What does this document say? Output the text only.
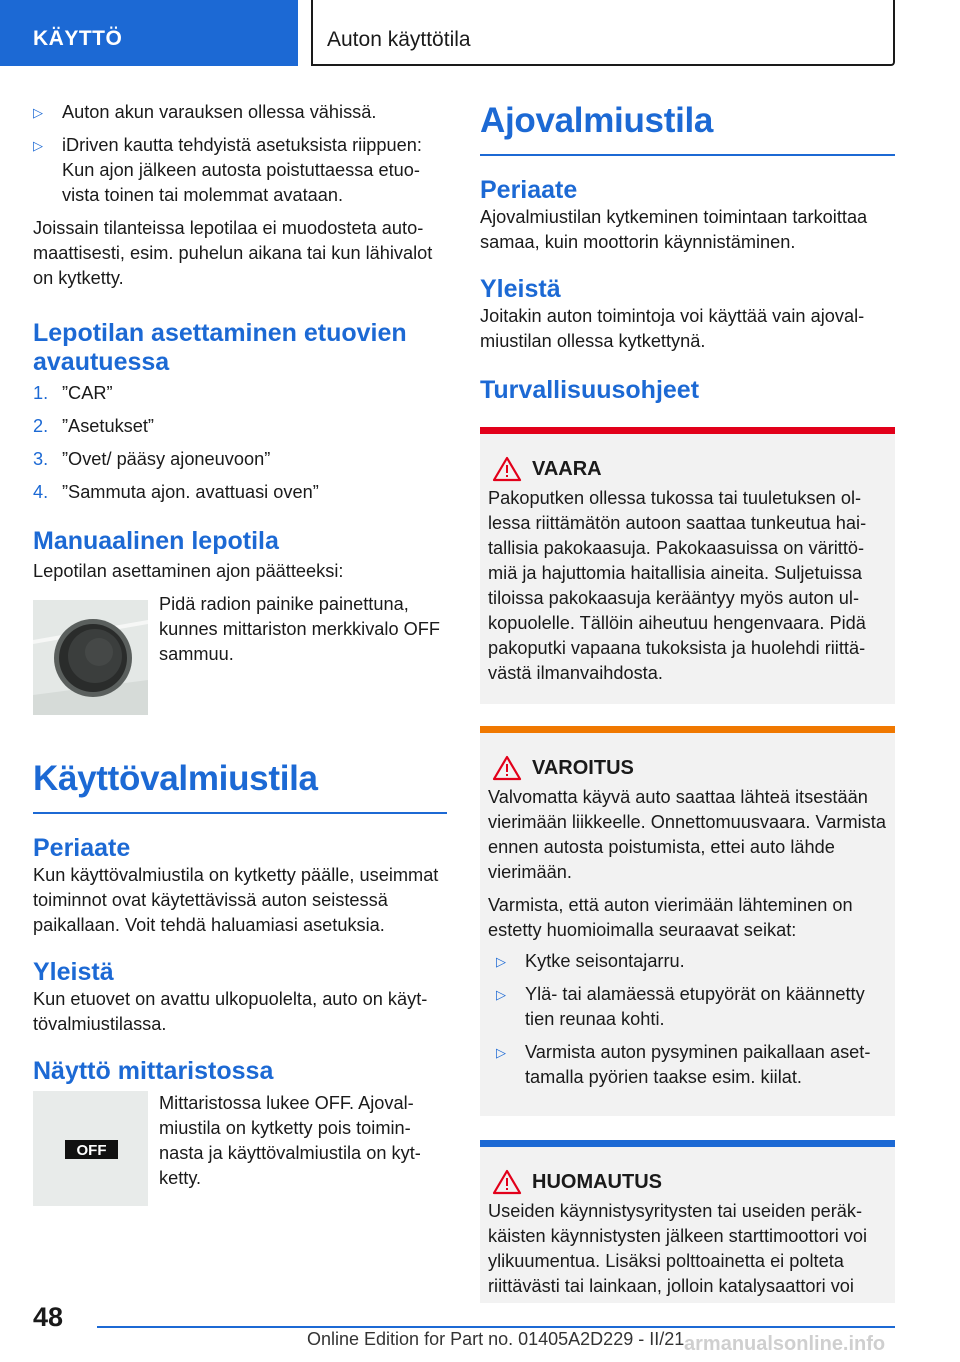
KÄYTTÖ	Auton käyttötila
▷ Auton akun varauksen ollessa vähissä.
▷ iDriven kautta tehdyistä asetuksista riippuen: Kun ajon jälkeen autosta poistuttaessa etuovista toinen tai molemmat avataan.

Joissain tilanteissa lepotilaa ei muodosteta automaattisesti, esim. puhelun aikana tai kun lähivalot on kytketty.

Lepotilan asettaminen etuovien avautuessa
1. ”CAR”
2. ”Asetukset”
3. ”Ovet/ pääsy ajoneuvoon”
4. ”Sammuta ajon. avattuasi oven”
Manuaalinen lepotila

Lepotilan asettaminen ajon päätteeksi:

Pidä radion painike painettuna, kunnes mittariston merkkivalo OFF sammuu.

Käyttövalmiustila
Periaate

Kun käyttövalmiustila on kytketty päälle, useimmat toiminnot ovat käytettävissä auton seistessä paikallaan. Voit tehdä haluamiasi asetuksia.

Yleistä

Kun etuovet on avattu ulkopuolelta, auto on käyttövalmiustilassa.

Näyttö mittaristossa
OFF

Mittaristossa lukee OFF. Ajovalmiustila on kytketty pois toiminnasta ja käyttövalmiustila on kytketty.

Ajovalmiustila
Periaate

Ajovalmiustilan kytkeminen toimintaan tarkoittaa samaa, kuin moottorin käynnistäminen.

Yleistä

Joitakin auton toimintoja voi käyttää vain ajovalmiustilan ollessa kytkettynä.

Turvallisuusohjeet
VAARA

Pakoputken ollessa tukossa tai tuuletuksen ollessa riittämätön autoon saattaa tunkeutua haitallisia pakokaasuja. Pakokaasuissa on värittömiä ja hajuttomia haitallisia aineita. Suljetuissa tiloissa pakokaasuja kerääntyy myös auton ulkopuolelle. Tällöin aiheutuu hengenvaara. Pidä pakoputki vapaana tukoksista ja huolehdi riittävästä ilmanvaihdosta.

VAROITUS

Valvomatta käyvä auto saattaa lähteä itsestään vierimään liikkeelle. Onnettomuusvaara. Varmista ennen autosta poistumista, ettei auto lähde vierimään.

Varmista, että auton vierimään lähteminen on estetty huomioimalla seuraavat seikat:

▷ Kytke seisontajarru.
▷ Ylä- tai alamäessä etupyörät on käännetty tien reunaa kohti.
▷ Varmista auton pysyminen paikallaan asettamalla pyörien taakse esim. kiilat.
HUOMAUTUS

Useiden käynnistysyritysten tai useiden peräkkäisten käynnistysten jälkeen starttimoottori voi ylikuumentua. Lisäksi polttoainetta ei polteta riittävästi tai lainkaan, jolloin katalysaattori voi

48
Online Edition for Part no. 01405A2D229 - II/21 armanualsonline.info
